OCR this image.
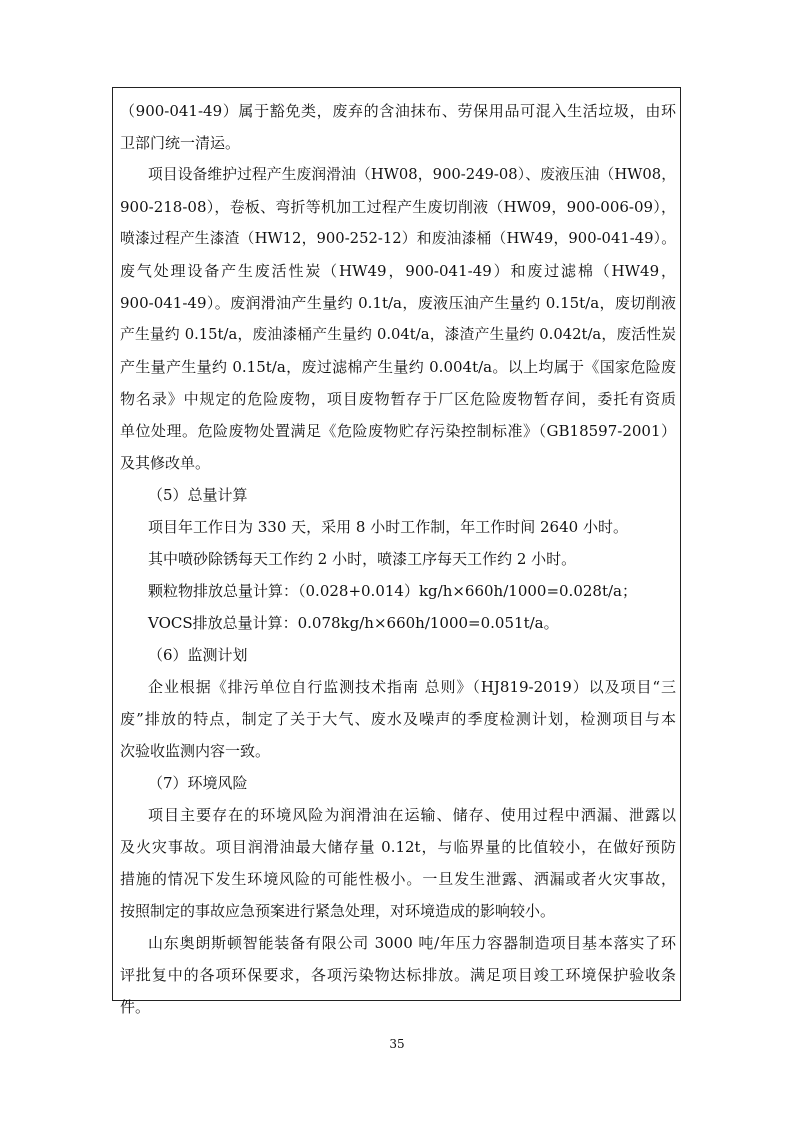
（900-041-49）属于豁免类，废弃的含油抹布、劳保用品可混入生活垃圾，由环
卫部门统一清运。
项目设备维护过程产生废润滑油（HW08，900-249-08）、废液压油（HW08，
900-218-08），卷板、弯折等机加工过程产生废切削液（HW09，900-006-09），
喷漆过程产生漆渣（HW12，900-252-12）和废油漆桶（HW49，900-041-49）。
废气处理设备产生废活性炭（HW49，900-041-49）和废过滤棉（HW49，
900-041-49）。废润滑油产生量约 0.1t/a，废液压油产生量约 0.15t/a，废切削液
产生量约 0.15t/a，废油漆桶产生量约 0.04t/a，漆渣产生量约 0.042t/a，废活性炭
产生量产生量约 0.15t/a，废过滤棉产生量约 0.004t/a。以上均属于《国家危险废
物名录》中规定的危险废物，项目废物暂存于厂区危险废物暂存间，委托有资质
单位处理。危险废物处置满足《危险废物贮存污染控制标准》（GB18597-2001）
及其修改单。
（5）总量计算
项目年工作日为 330 天，采用 8 小时工作制，年工作时间 2640 小时。
其中喷砂除锈每天工作约 2 小时，喷漆工序每天工作约 2 小时。
颗粒物排放总量计算：（0.028+0.014）kg/h×660h/1000=0.028t/a；
VOCS排放总量计算：0.078kg/h×660h/1000=0.051t/a。
（6）监测计划
企业根据《排污单位自行监测技术指南 总则》（HJ819-2019）以及项目“三
废”排放的特点，制定了关于大气、废水及噪声的季度检测计划，检测项目与本
次验收监测内容一致。
（7）环境风险
项目主要存在的环境风险为润滑油在运输、储存、使用过程中洒漏、泄露以
及火灾事故。项目润滑油最大储存量 0.12t，与临界量的比值较小，在做好预防
措施的情况下发生环境风险的可能性极小。一旦发生泄露、洒漏或者火灾事故，
按照制定的事故应急预案进行紧急处理，对环境造成的影响较小。
山东奥朗斯顿智能装备有限公司 3000 吨/年压力容器制造项目基本落实了环
评批复中的各项环保要求，各项污染物达标排放。满足项目竣工环境保护验收条
件。
35
